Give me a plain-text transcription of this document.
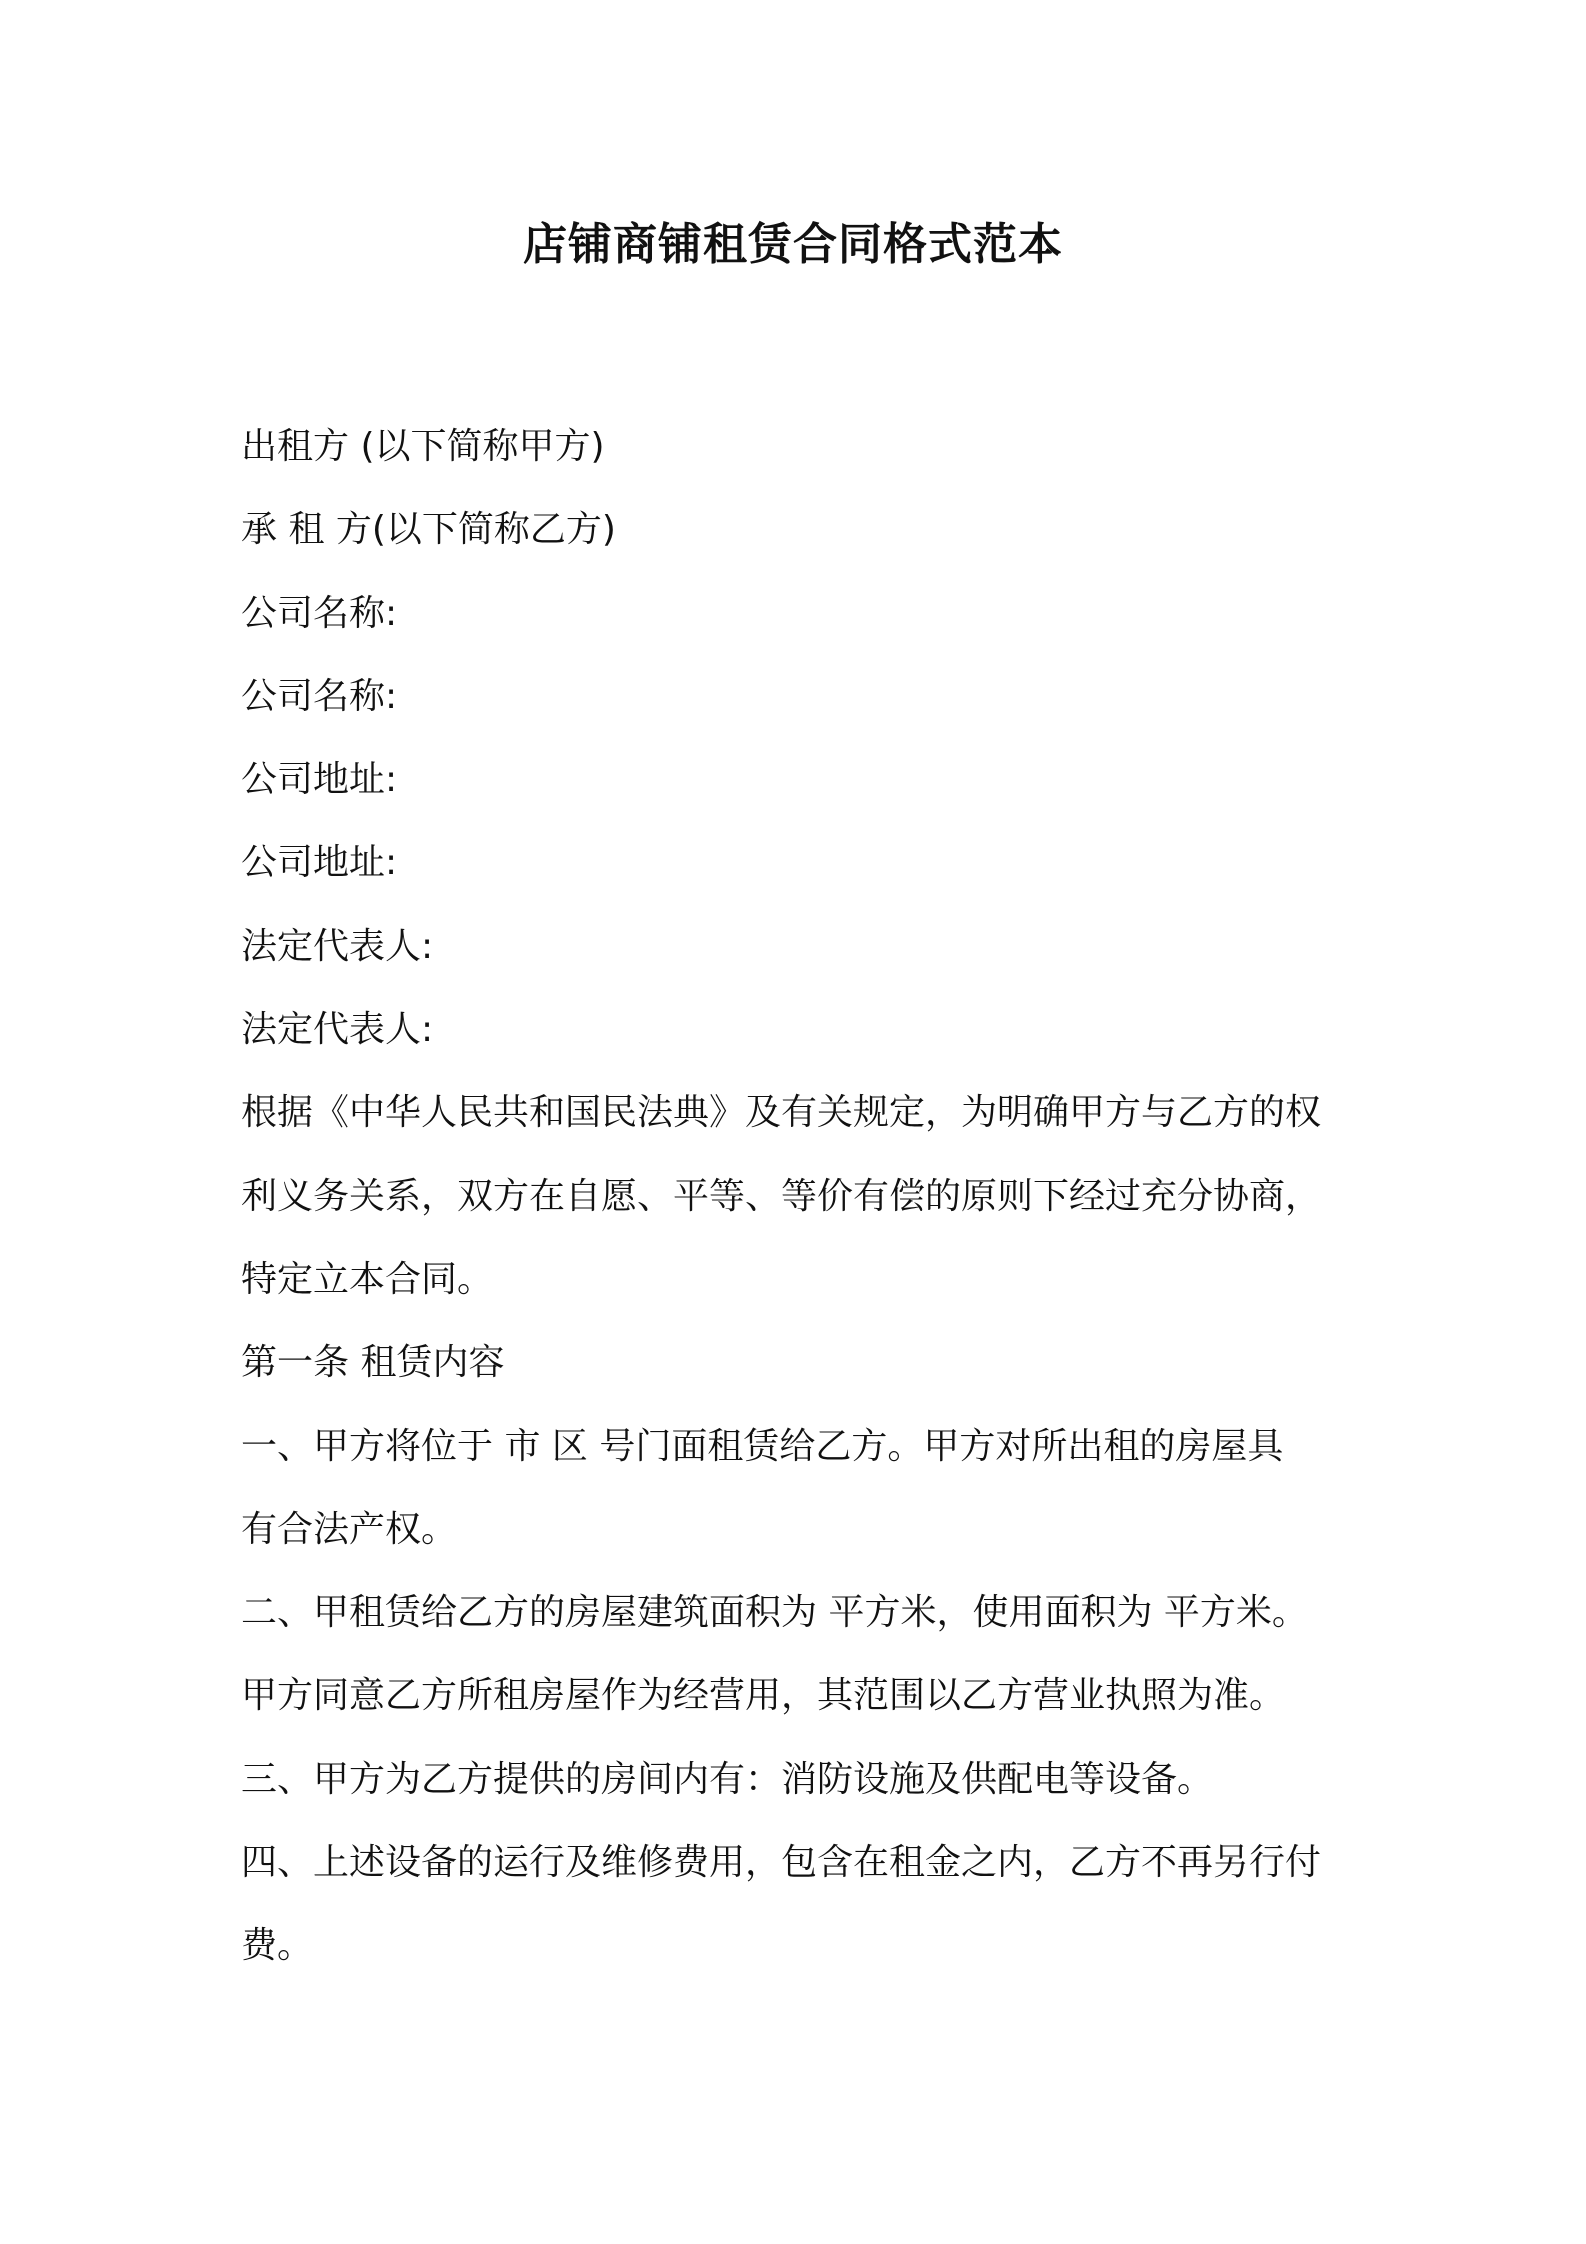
店铺商铺租赁合同格式范本
出租方 (以下简称甲方)
承 租 方(以下简称乙方)
公司名称:
公司名称:
公司地址:
公司地址:
法定代表人:
法定代表人:
根据《中华人民共和国民法典》及有关规定，为明确甲方与乙方的权
利义务关系，双方在自愿、平等、等价有偿的原则下经过充分协商，
特定立本合同。
第一条 租赁内容
一、甲方将位于 市 区 号门面租赁给乙方。甲方对所出租的房屋具
有合法产权。
二、甲租赁给乙方的房屋建筑面积为 平方米，使用面积为 平方米。
甲方同意乙方所租房屋作为经营用，其范围以乙方营业执照为准。
三、甲方为乙方提供的房间内有：消防设施及供配电等设备。
四、上述设备的运行及维修费用，包含在租金之内，乙方不再另行付
费。
